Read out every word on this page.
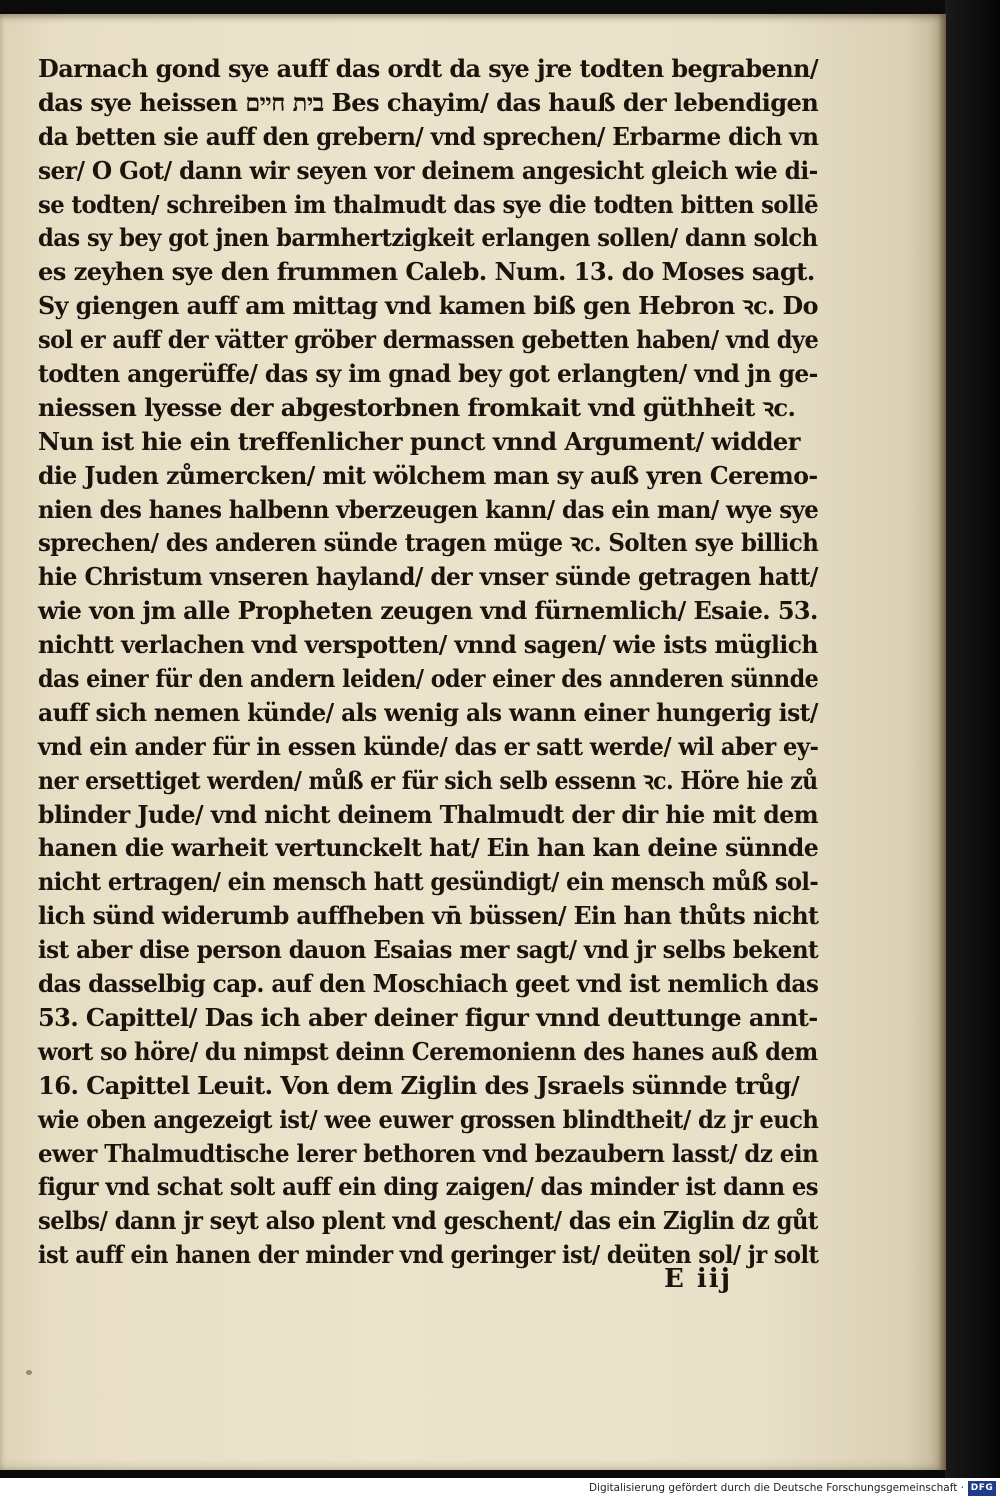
Darnach gond sye auff das ordt da sye jre todten begrabenn/
das sye heissen בית חיים Bes chayim/ das hauß der lebendigen
da betten sie auff den grebern/ vnd sprechen/ Erbarme dich vn
ser/ O Got/ dann wir seyen vor deinem angesicht gleich wie di-
se todten/ schreiben im thalmudt das sye die todten bitten sollē
das sy bey got jnen barmhertzigkeit erlangen sollen/ dann solch
es zeyhen sye den frummen Caleb. Num. 13. do Moses sagt.
Sy giengen auff am mittag vnd kamen biß gen Hebron ꝛc. Do
sol er auff der vätter gröber dermassen gebetten haben/ vnd dye
todten angerüffe/ das sy im gnad bey got erlangten/ vnd jn ge-
niessen lyesse der abgestorbnen fromkait vnd güthheit ꝛc.
Nun ist hie ein treffenlicher punct vnnd Argument/ widder
die Juden zůmercken/ mit wölchem man sy auß yren Ceremo-
nien des hanes halbenn vberzeugen kann/ das ein man/ wye sye
sprechen/ des anderen sünde tragen müge ꝛc. Solten sye billich
hie Christum vnseren hayland/ der vnser sünde getragen hatt/
wie von jm alle Propheten zeugen vnd fürnemlich/ Esaie. 53.
nichtt verlachen vnd verspotten/ vnnd sagen/ wie ists müglich
das einer für den andern leiden/ oder einer des annderen sünnde
auff sich nemen künde/ als wenig als wann einer hungerig ist/
vnd ein ander für in essen künde/ das er satt werde/ wil aber ey-
ner ersettiget werden/ můß er für sich selb essenn ꝛc. Höre hie zů
blinder Jude/ vnd nicht deinem Thalmudt der dir hie mit dem
hanen die warheit vertunckelt hat/ Ein han kan deine sünnde
nicht ertragen/ ein mensch hatt gesündigt/ ein mensch můß sol-
lich sünd widerumb auffheben vn̄ büssen/ Ein han thůts nicht
ist aber dise person dauon Esaias mer sagt/ vnd jr selbs bekent
das dasselbig cap. auf den Moschiach geet vnd ist nemlich das
53. Capittel/ Das ich aber deiner figur vnnd deuttunge annt-
wort so höre/ du nimpst deinn Ceremonienn des hanes auß dem
16. Capittel Leuit. Von dem Ziglin des Jsraels sünnde trůg/
wie oben angezeigt ist/ wee euwer grossen blindtheit/ dz jr euch
ewer Thalmudtische lerer bethoren vnd bezaubern lasst/ dz ein
figur vnd schat solt auff ein ding zaigen/ das minder ist dann es
selbs/ dann jr seyt also plent vnd geschent/ das ein Ziglin dz gůt
ist auff ein hanen der minder vnd geringer ist/ deüten sol/ jr solt
E iij
Digitalisierung gefördert durch die Deutsche Forschungsgemeinschaft · DFG
